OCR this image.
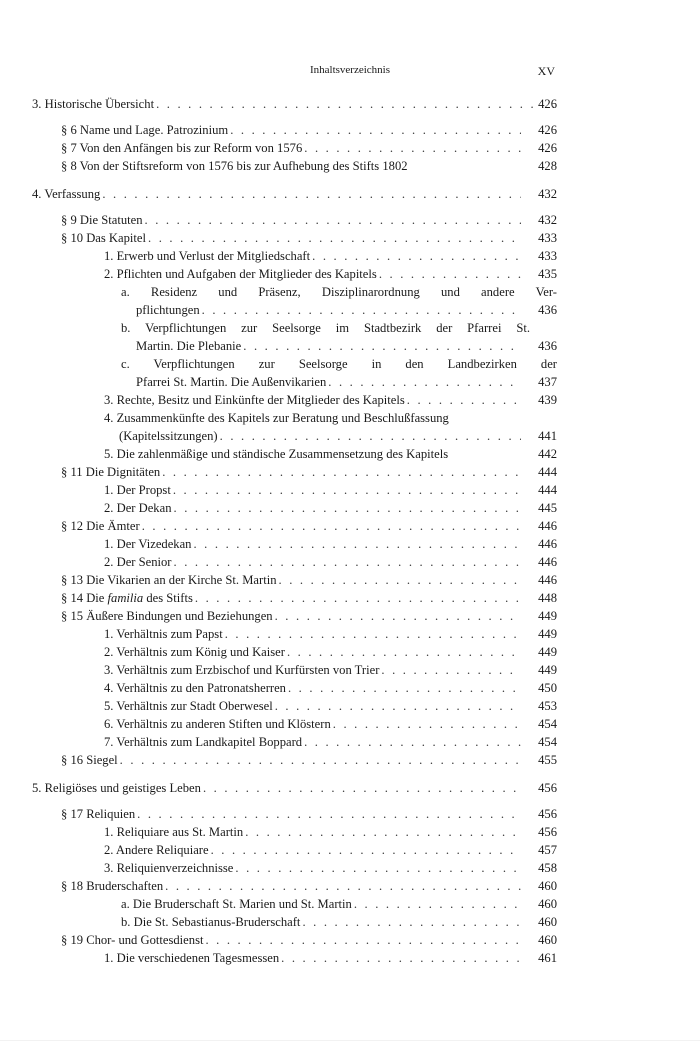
Inhaltsverzeichnis	XV
3. Historische Übersicht . . .	426
§ 6 Name und Lage. Patrozinium . . .	426
§ 7 Von den Anfängen bis zur Reform von 1576 . . .	426
§ 8 Von der Stiftsreform von 1576 bis zur Aufhebung des Stifts 1802	428
4. Verfassung . . .	432
§ 9 Die Statuten . . .	432
§ 10 Das Kapitel . . .	433
1. Erwerb und Verlust der Mitgliedschaft . . .	433
2. Pflichten und Aufgaben der Mitglieder des Kapitels . . .	435
a. Residenz und Präsenz, Disziplinarordnung und andere Ver-
pflichtungen . . .	436
b. Verpflichtungen zur Seelsorge im Stadtbezirk der Pfarrei St.
Martin. Die Plebanie . . .	436
c. Verpflichtungen zur Seelsorge in den Landbezirken der
Pfarrei St. Martin. Die Außenvikarien . . .	437
3. Rechte, Besitz und Einkünfte der Mitglieder des Kapitels . . .	439
4. Zusammenkünfte des Kapitels zur Beratung und Beschlußfassung
(Kapitelssitzungen) . . .	441
5. Die zahlenmäßige und ständische Zusammensetzung des Kapitels	442
§ 11 Die Dignitäten . . .	444
1. Der Propst . . .	444
2. Der Dekan . . .	445
§ 12 Die Ämter . . .	446
1. Der Vizedekan . . .	446
2. Der Senior . . .	446
§ 13 Die Vikarien an der Kirche St. Martin . . .	446
§ 14 Die familia des Stifts . . .	448
§ 15 Äußere Bindungen und Beziehungen . . .	449
1. Verhältnis zum Papst . . .	449
2. Verhältnis zum König und Kaiser . . .	449
3. Verhältnis zum Erzbischof und Kurfürsten von Trier . . .	449
4. Verhältnis zu den Patronatsherren . . .	450
5. Verhältnis zur Stadt Oberwesel . . .	453
6. Verhältnis zu anderen Stiften und Klöstern . . .	454
7. Verhältnis zum Landkapitel Boppard . . .	454
§ 16 Siegel . . .	455
5. Religiöses und geistiges Leben . . .	456
§ 17 Reliquien . . .	456
1. Reliquiare aus St. Martin . . .	456
2. Andere Reliquiare . . .	457
3. Reliquienverzeichnisse . . .	458
§ 18 Bruderschaften . . .	460
a. Die Bruderschaft St. Marien und St. Martin . . .	460
b. Die St. Sebastianus-Bruderschaft . . .	460
§ 19 Chor- und Gottesdienst . . .	460
1. Die verschiedenen Tagesmessen . . .	461
